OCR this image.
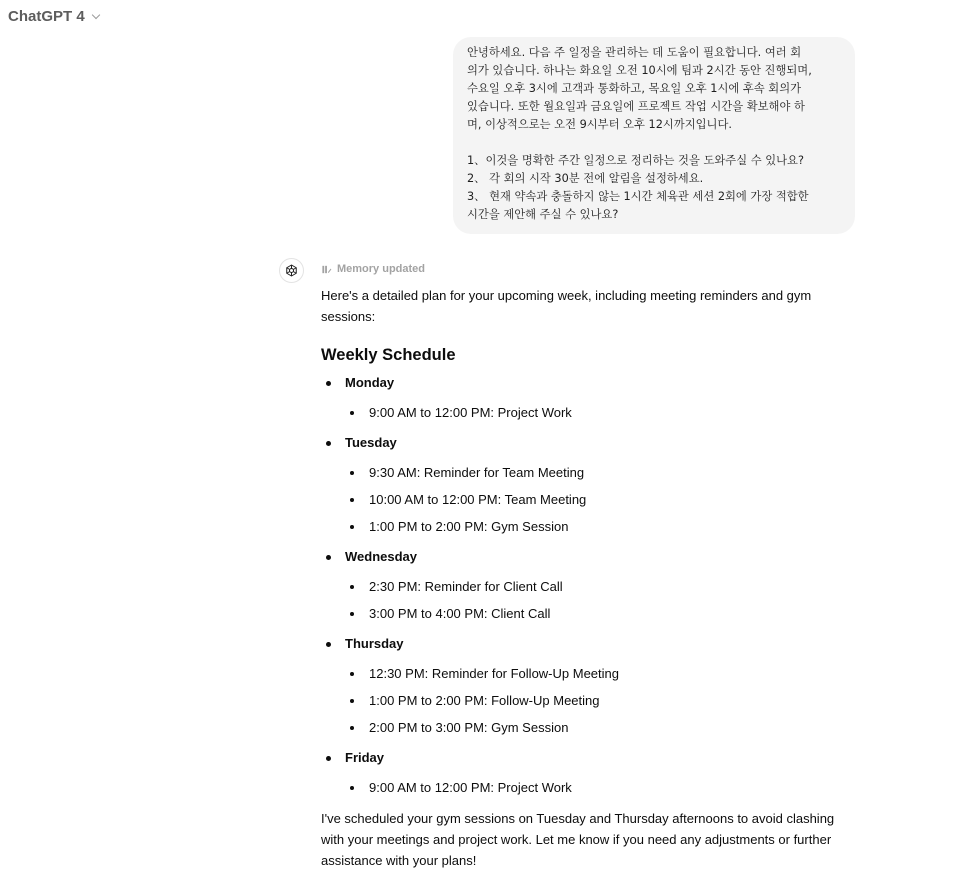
ChatGPT 4

안녕하세요. 다음 주 일정을 관리하는 데 도움이 필요합니다. 여러 회

의가 있습니다. 하나는 화요일 오전 10시에 팀과 2시간 동안 진행되며,

수요일 오후 3시에 고객과 통화하고, 목요일 오후 1시에 후속 회의가

있습니다. 또한 월요일과 금요일에 프로젝트 작업 시간을 확보해야 하

며, 이상적으로는 오전 9시부터 오후 12시까지입니다.

1、이것을 명확한 주간 일정으로 정리하는 것을 도와주실 수 있나요?

2、 각 회의 시작 30분 전에 알림을 설정하세요.

3、 현재 약속과 충돌하지 않는 1시간 체육관 세션 2회에 가장 적합한

시간을 제안해 주실 수 있나요?

Memory updated

Here's a detailed plan for your upcoming week, including meeting reminders and gym sessions:

Weekly Schedule
Monday
9:00 AM to 12:00 PM: Project Work
Tuesday
9:30 AM: Reminder for Team Meeting
10:00 AM to 12:00 PM: Team Meeting
1:00 PM to 2:00 PM: Gym Session
Wednesday
2:30 PM: Reminder for Client Call
3:00 PM to 4:00 PM: Client Call
Thursday
12:30 PM: Reminder for Follow-Up Meeting
1:00 PM to 2:00 PM: Follow-Up Meeting
2:00 PM to 3:00 PM: Gym Session
Friday
9:00 AM to 12:00 PM: Project Work

I've scheduled your gym sessions on Tuesday and Thursday afternoons to avoid clashing with your meetings and project work. Let me know if you need any adjustments or further assistance with your plans!
